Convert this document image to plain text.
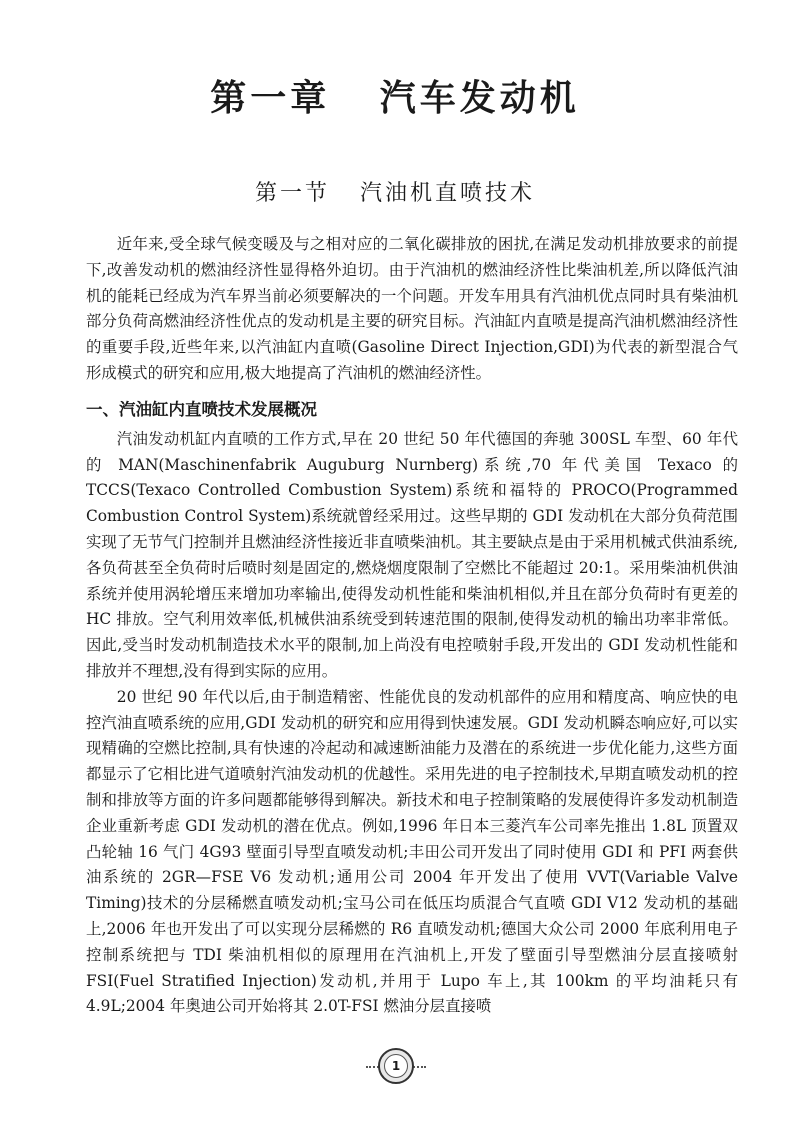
第一章   汽车发动机
第一节   汽油机直喷技术

近年来,受全球气候变暖及与之相对应的二氧化碳排放的困扰,在满足发动机排放要求的前提下,改善发动机的燃油经济性显得格外迫切。由于汽油机的燃油经济性比柴油机差,所以降低汽油机的能耗已经成为汽车界当前必须要解决的一个问题。开发车用具有汽油机优点同时具有柴油机部分负荷高燃油经济性优点的发动机是主要的研究目标。汽油缸内直喷是提高汽油机燃油经济性的重要手段,近些年来,以汽油缸内直喷(Gasoline Direct Injection,GDI)为代表的新型混合气形成模式的研究和应用,极大地提高了汽油机的燃油经济性。

一、汽油缸内直喷技术发展概况

汽油发动机缸内直喷的工作方式,早在 20 世纪 50 年代德国的奔驰 300SL 车型、60 年代的 MAN(Maschinenfabrik Auguburg Nurnberg)系统,70 年代美国 Texaco 的 TCCS(Texaco Controlled Combustion System)系统和福特的 PROCO(Programmed Combustion Control System)系统就曾经采用过。这些早期的 GDI 发动机在大部分负荷范围实现了无节气门控制并且燃油经济性接近非直喷柴油机。其主要缺点是由于采用机械式供油系统,各负荷甚至全负荷时后喷时刻是固定的,燃烧烟度限制了空燃比不能超过 20:1。采用柴油机供油系统并使用涡轮增压来增加功率输出,使得发动机性能和柴油机相似,并且在部分负荷时有更差的 HC 排放。空气利用效率低,机械供油系统受到转速范围的限制,使得发动机的输出功率非常低。因此,受当时发动机制造技术水平的限制,加上尚没有电控喷射手段,开发出的 GDI 发动机性能和排放并不理想,没有得到实际的应用。

20 世纪 90 年代以后,由于制造精密、性能优良的发动机部件的应用和精度高、响应快的电控汽油直喷系统的应用,GDI 发动机的研究和应用得到快速发展。GDI 发动机瞬态响应好,可以实现精确的空燃比控制,具有快速的冷起动和减速断油能力及潜在的系统进一步优化能力,这些方面都显示了它相比进气道喷射汽油发动机的优越性。采用先进的电子控制技术,早期直喷发动机的控制和排放等方面的许多问题都能够得到解决。新技术和电子控制策略的发展使得许多发动机制造企业重新考虑 GDI 发动机的潜在优点。例如,1996 年日本三菱汽车公司率先推出 1.8L 顶置双凸轮轴 16 气门 4G93 壁面引导型直喷发动机;丰田公司开发出了同时使用 GDI 和 PFI 两套供油系统的 2GR—FSE V6 发动机;通用公司 2004 年开发出了使用 VVT(Variable Valve Timing)技术的分层稀燃直喷发动机;宝马公司在低压均质混合气直喷 GDI V12 发动机的基础上,2006 年也开发出了可以实现分层稀燃的 R6 直喷发动机;德国大众公司 2000 年底利用电子控制系统把与 TDI 柴油机相似的原理用在汽油机上,开发了壁面引导型燃油分层直接喷射 FSI(Fuel Stratified Injection)发动机,并用于 Lupo 车上,其 100km 的平均油耗只有 4.9L;2004 年奥迪公司开始将其 2.0T-FSI 燃油分层直接喷

1
